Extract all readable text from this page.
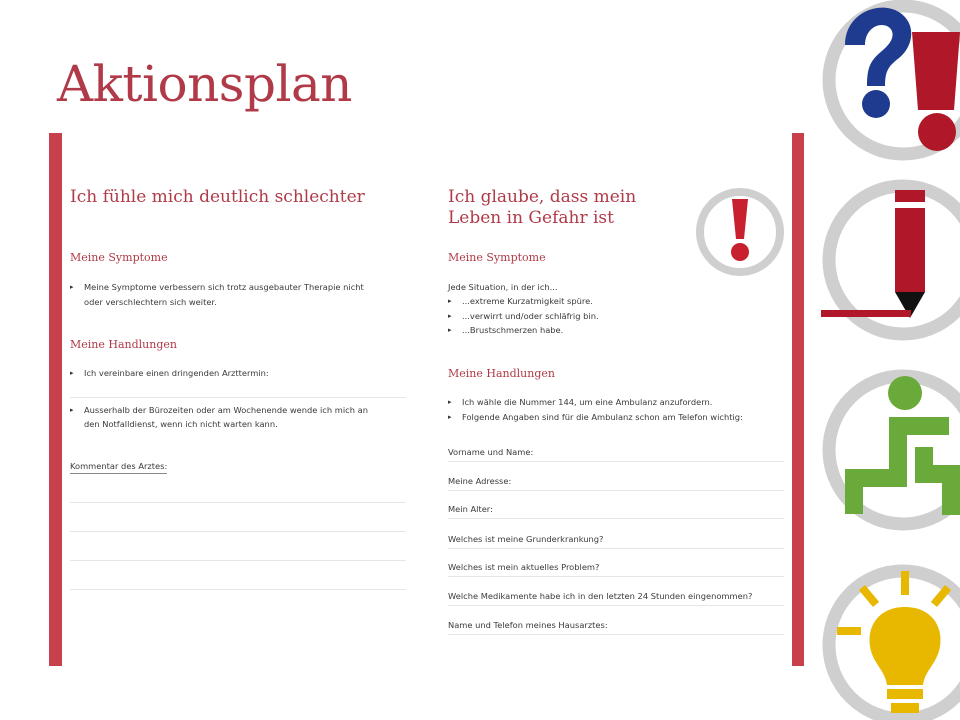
Aktionsplan
Ich fühle mich deutlich schlechter
Meine Symptome
▸ Meine Symptome verbessern sich trotz ausgebauter Therapie nicht oder verschlechtern sich weiter.
Meine Handlungen
▸ Ich vereinbare einen dringenden Arzttermin:
▸ Ausserhalb der Bürozeiten oder am Wochenende wende ich mich an den Notfalldienst, wenn ich nicht warten kann.
Kommentar des Arztes:
Ich glaube, dass mein
Leben in Gefahr ist
Meine Symptome
Jede Situation, in der ich...
▸ ...extreme Kurzatmigkeit spüre.
▸ ...verwirrt und/oder schläfrig bin.
▸ ...Brustschmerzen habe.
Meine Handlungen
▸ Ich wähle die Nummer 144, um eine Ambulanz anzufordern.
▸ Folgende Angaben sind für die Ambulanz schon am Telefon wichtig:
Vorname und Name:
Meine Adresse:
Mein Alter:
Welches ist meine Grunderkrankung?
Welches ist mein aktuelles Problem?
Welche Medikamente habe ich in den letzten 24 Stunden eingenommen?
Name und Telefon meines Hausarztes:
